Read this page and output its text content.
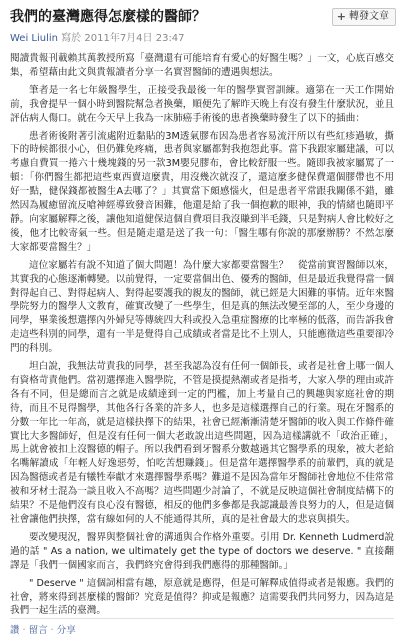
我們的臺灣應得怎麼樣的醫師？	+ 轉發文章
Wei Liulin 寫於 2011年7月4日 23:47

閱讀貴報刊載賴其萬教授所寫「臺灣還有可能培育有愛心的好醫生嗎？」一文，心底百感交集，希望藉由此文與貴報讀者分享一名實習醫師的遭遇與想法。

筆者是一名七年級醫學生，正接受我最後一年的醫學實習訓練。適第在一天工作開始前，我會提早一個小時到醫院幫急者換藥，順便先了解昨天晚上有沒有發生什麼狀況，並且評估病人傷口。就在今天早上我為一床肺癌手術後的患者換藥時發生了以下的插曲：

患者術後附著引流處附近黏貼的3M透氣膠布因為患者容易流汗所以有些紅疹過敏，撕下的時候都很小心，但仍難免疼痛，患者與家屬都對我抱怨此事。當下我跟家屬建議，可以考慮自費買一捲六十幾塊錢的另一款3M嬰兒膠布，會比較舒服一些。隨即我被家屬罵了一頓：「你們醫生都把這些東西賣這麼貴，用沒幾次就沒了，還這麼多健保費還個膠帶也不用好一點，健保錢都被醫生A去哪了？」其實當下頗感惱火，但是患者平常跟我關係不錯，雖然因為履癒留流反嗆神經導致發音困難，他還是給了我一個抱歉的眼神，我的情緒也隨即平靜。向家屬解釋之後，讓他知道健保這個自費項目我沒賺到半毛錢，只是對病人會比較好之後，他才比較寄氣一些。但是隨走還是送了我一句：「醫生哪有你說的那麼辦勝？不然怎麼大家都要當醫生？」

這位家屬若有說不知道了個大問題！為什麼大家都要當醫生？　從當前實習醫師以來，其實我的心態逐漸轉變。以前覺得，一定要當個出色、優秀的醫師，但是最近我覺得當一個對得起自己、對得起病人、對得起要護我的親友的醫師，就已經是大困難的事情。近年來醫學院努力的醫學人文教育，確實改變了一些學生，但是真的無法改變至部的人，至少身邊的同學，畢業後想選擇內外婦兒等傳統四大科或投入急重症醫療的比率極的低落，而告訴我會走這些科別的同學，還有一半是覺得自己成績或者當是比不上別人，只能應徵這些重要卻冷門的科別。

坦白說，我無法苛責我的同學，甚至我認為沒有任何一個師長，或者是社會上哪一個人有資格苛責他們。當初選擇進入醫學院，不管是摸提熱潮或者是指考，大家入學的理由或許各有不同，但是總而言之就是成績達到一定的門檻，加上考量自己的興趣與家庭社會的期待，而且不見得醫學，其他各行各業的許多人，也多是這樣選擇自己的行業。現在牙醫系的分數一年比一年高，就是這樣抉擇下的結果，社會已經漸漸清楚牙醫師的收入與工作條件確實比大多醫師好，但是沒有任何一個大老敢說出這些問題，因為這樣講就不「政治正確」，馬上就會被扣上沒醫德的帽子。所以我們看到牙醫系分數越過其它醫學系的現象，被大老給名嘴解讀成「年輕人好逸惡勞，怕吃苦想賺錢」。但是當年選擇醫學系的前輩們，真的就是因為醫德或者是有犧牲奉獻才來選擇醫學系嗎？難道不是因為當年牙醫師社會地位不佳常常被和牙材士混為一談且收入不高嗎？這些問題少討論了，不就是反映這個社會制度結構下的結果？不是他們沒有良心沒有醫德，相反的他們多參都是我認識最善良努力的人，但是這個社會讓他們抉擇，當有線如何的人不能通得其所，真的是社會最大的悲哀與損失。

要改變現況，醫界與整個社會的溝通與合作格外重要。引用 Dr. Kenneth Ludmerd說過的話 " As a nation, we ultimately get the type of doctors we deserve. " 直接翻譯是「我們一個國家而言，我們終究會得到我們應得的那種醫師。」

" Deserve " 這個詞相當有趣，原意就是應得，但是可解釋成值得或者是報應。我們的社會，將來得到甚麼樣的醫師？究竟是值得？抑或是報應？這需要我們共同努力，因為這是我們一起生活的臺灣。

讚 · 留言 · 分享
